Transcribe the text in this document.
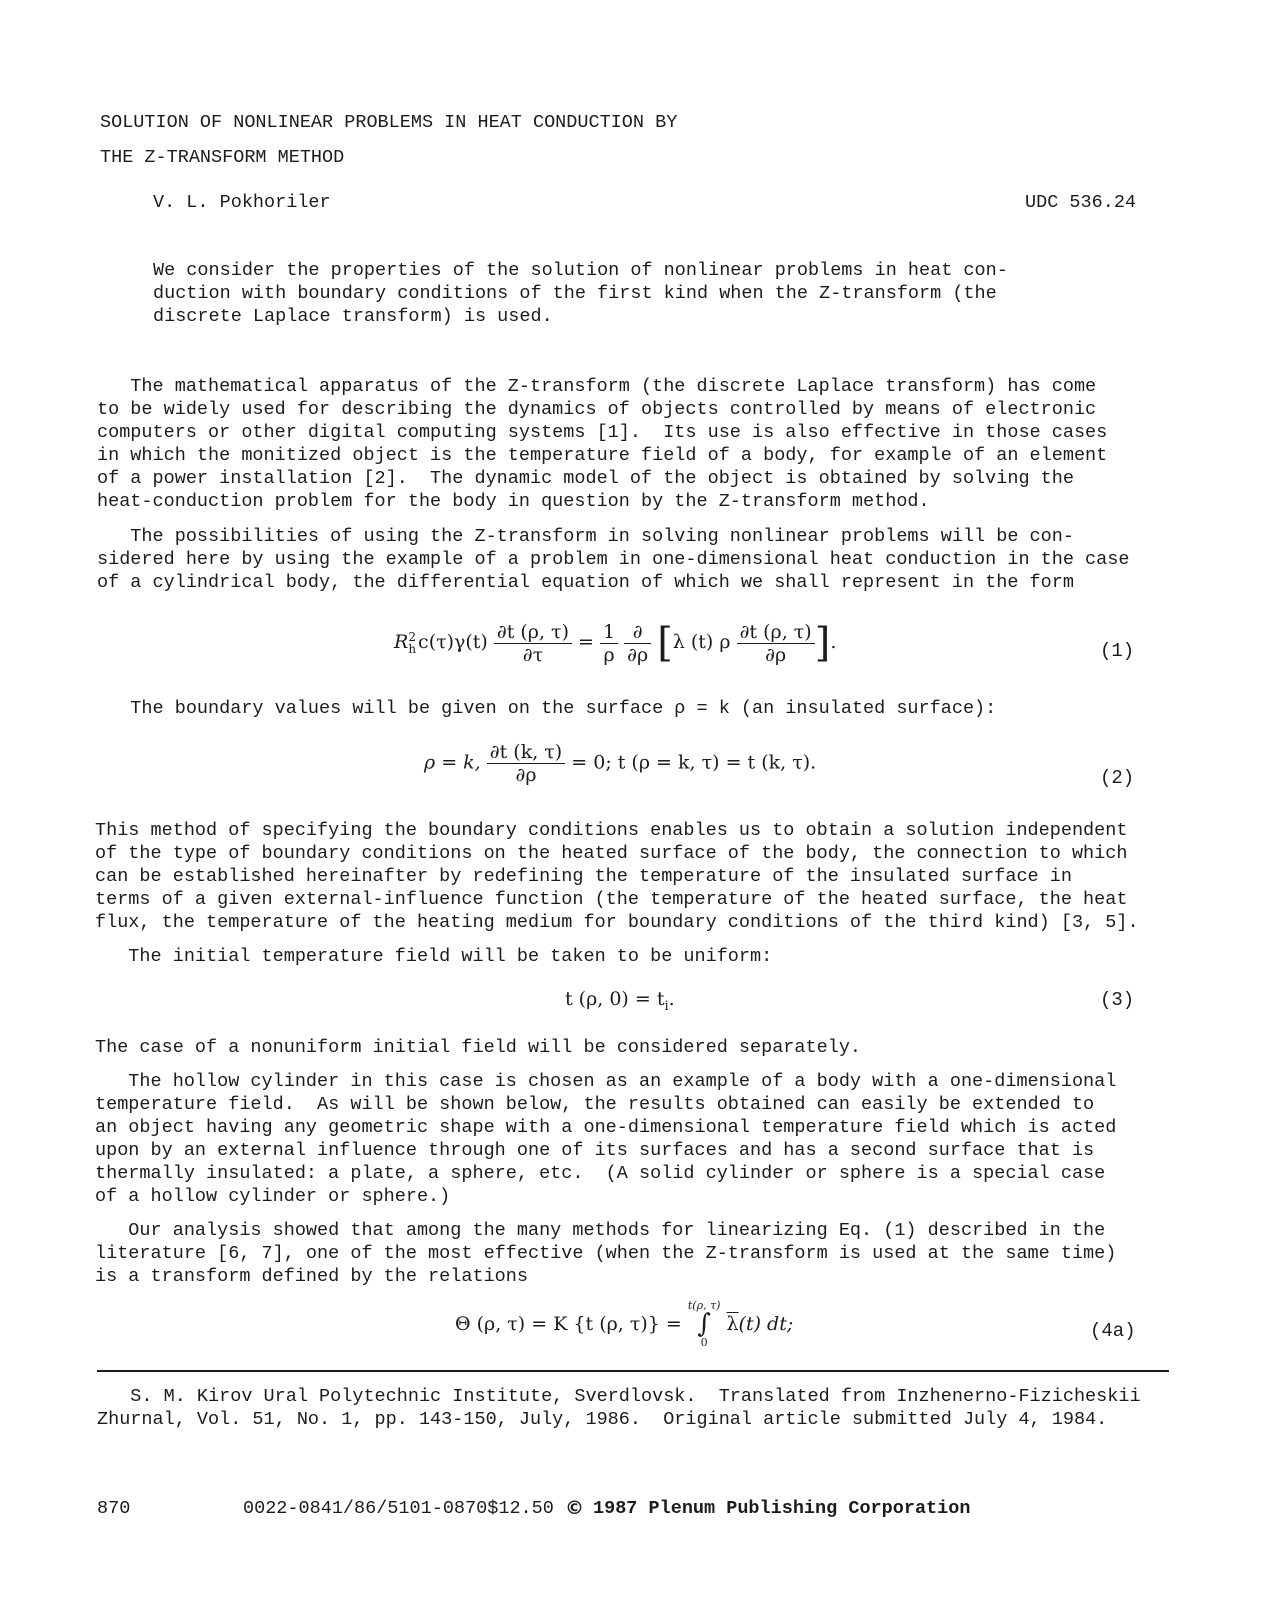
SOLUTION OF NONLINEAR PROBLEMS IN HEAT CONDUCTION BY
THE Z-TRANSFORM METHOD
V. L. Pokhoriler	UDC 536.24
We consider the properties of the solution of nonlinear problems in heat con-
duction with boundary conditions of the first kind when the Z-transform (the
discrete Laplace transform) is used.
The mathematical apparatus of the Z-transform (the discrete Laplace transform) has come
to be widely used for describing the dynamics of objects controlled by means of electronic
computers or other digital computing systems [1].  Its use is also effective in those cases
in which the monitized object is the temperature field of a body, for example of an element
of a power installation [2].  The dynamic model of the object is obtained by solving the
heat-conduction problem for the body in question by the Z-transform method.
The possibilities of using the Z-transform in solving nonlinear problems will be con-
sidered here by using the example of a problem in one-dimensional heat conduction in the case
of a cylindrical body, the differential equation of which we shall represent in the form
R 2
h $c(\tau)\gamma(t) \frac{\partial t (\rho, \tau)}{\partial\tau} = \frac{1}{\rho}$
$\frac{\partial}{\partial\rho} [\lambda$ (t) ρ $\frac{\partial t (\rho, \tau)}{\partial\rho}$ ].	(1)
The boundary values will be given on the surface ρ = k (an insulated surface):
ρ = k, $\frac{\partial t (k, \tau)}{\partial\rho} = 0$; t (ρ = k, τ) = t (k, τ).
(2)
This method of specifying the boundary conditions enables us to obtain a solution independent
of the type of boundary conditions on the heated surface of the body, the connection to which
can be established hereinafter by redefining the temperature of the insulated surface in
terms of a given external-influence function (the temperature of the heated surface, the heat
flux, the temperature of the heating medium for boundary conditions of the third kind) [3, 5].
The initial temperature field will be taken to be uniform:
t (ρ, $0) = t_i$.	(3)
The case of a nonuniform initial field will be considered separately.
The hollow cylinder in this case is chosen as an example of a body with a one-dimensional
temperature field.  As will be shown below, the results obtained can easily be extended to
an object having any geometric shape with a one-dimensional temperature field which is acted
upon by an external influence through one of its surfaces and has a second surface that is
thermally insulated: a plate, a sphere, etc.  (A solid cylinder or sphere is a special case
of a hollow cylinder or sphere.)
Our analysis showed that among the many methods for linearizing Eq. (1) described in the
literature [6, 7], one of the most effective (when the Z-transform is used at the same time)
is a transform defined by the relations
Θ (ρ, τ) = K {t (ρ, τ)} =
t(ρ, τ)
∫
0
$\overline{\lambda}(t)$ dt;	(4a)
S. M. Kirov Ural Polytechnic Institute, Sverdlovsk.  Translated from Inzhenerno-Fizicheskii
Zhurnal, Vol. 51, No. 1, pp. 143-150, July, 1986.  Original article submitted July 4, 1984.
870	0022-0841/86/5101-0870$12.50 © 1987 Plenum Publishing Corporation
